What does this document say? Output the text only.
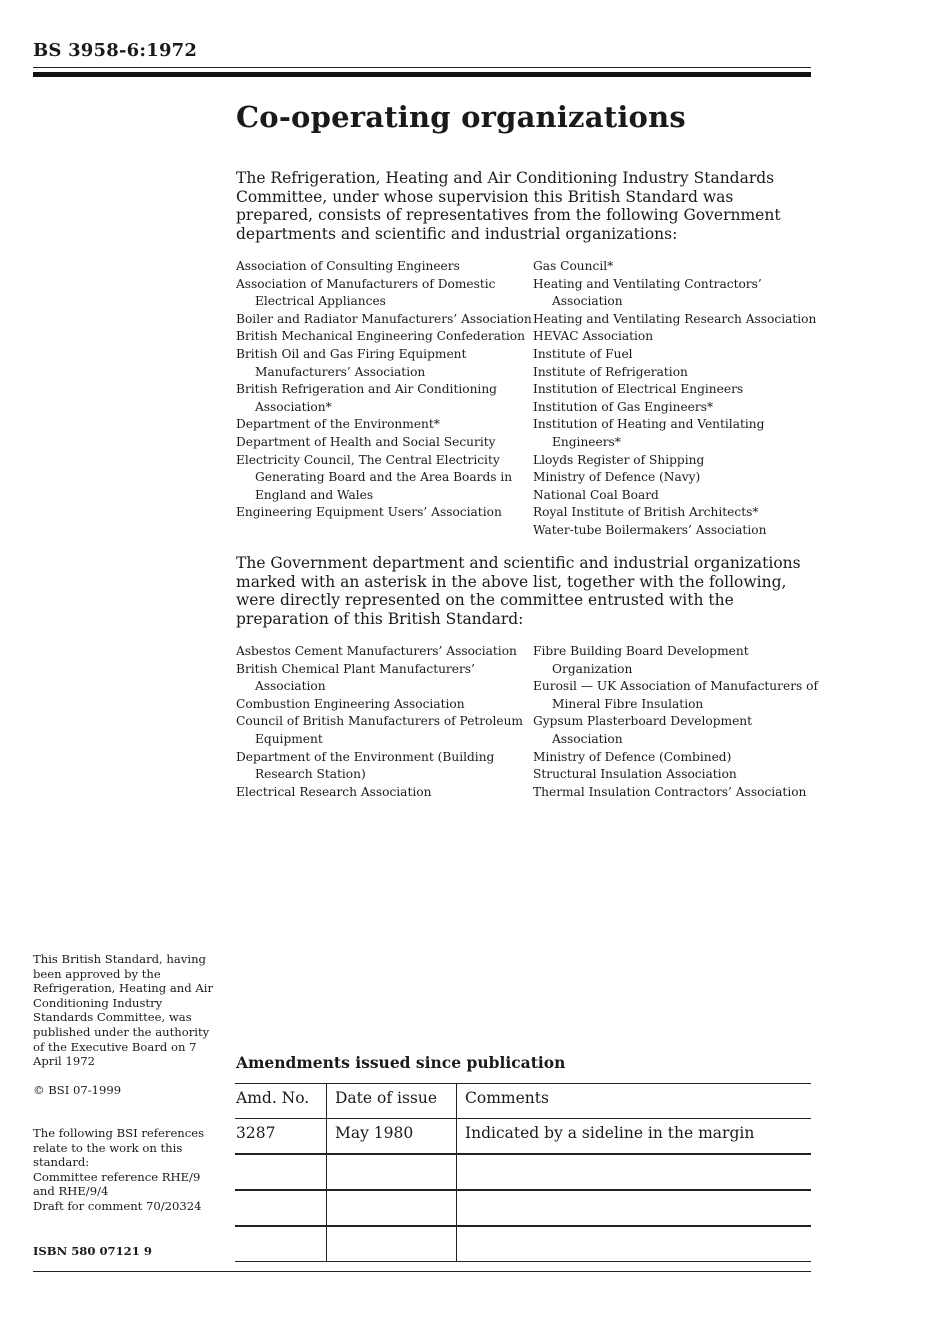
BS 3958-6:1972
Co-operating organizations

The Refrigeration, Heating and Air Conditioning Industry Standards Committee, under whose supervision this British Standard was prepared, consists of representatives from the following Government departments and scientific and industrial organizations:

Association of Consulting Engineers
Association of Manufacturers of Domestic Electrical Appliances
Boiler and Radiator Manufacturers’ Association
British Mechanical Engineering Confederation
British Oil and Gas Firing Equipment Manufacturers’ Association
British Refrigeration and Air Conditioning Association*
Department of the Environment*
Department of Health and Social Security
Electricity Council, The Central Electricity Generating Board and the Area Boards in England and Wales
Engineering Equipment Users’ Association
Gas Council*
Heating and Ventilating Contractors’ Association
Heating and Ventilating Research Association
HEVAC Association
Institute of Fuel
Institute of Refrigeration
Institution of Electrical Engineers
Institution of Gas Engineers*
Institution of Heating and Ventilating Engineers*
Lloyds Register of Shipping
Ministry of Defence (Navy)
National Coal Board
Royal Institute of British Architects*
Water-tube Boilermakers’ Association

The Government department and scientific and industrial organizations marked with an asterisk in the above list, together with the following, were directly represented on the committee entrusted with the preparation of this British Standard:

Asbestos Cement Manufacturers’ Association
British Chemical Plant Manufacturers’ Association
Combustion Engineering Association
Council of British Manufacturers of Petroleum Equipment
Department of the Environment (Building Research Station)
Electrical Research Association
Fibre Building Board Development Organization
Eurosil — UK Association of Manufacturers of Mineral Fibre Insulation
Gypsum Plasterboard Development Association
Ministry of Defence (Combined)
Structural Insulation Association
Thermal Insulation Contractors’ Association

This British Standard, having been approved by the Refrigeration, Heating and Air Conditioning Industry Standards Committee, was published under the authority of the Executive Board on 7 April 1972

© BSI 07-1999

The following BSI references relate to the work on this standard:
Committee reference RHE/9 and RHE/9/4
Draft for comment 70/20324
ISBN 580 07121 9
Amendments issued since publication
Amd. No.	Date of issue	Comments
3287	May 1980	Indicated by a sideline in the margin
